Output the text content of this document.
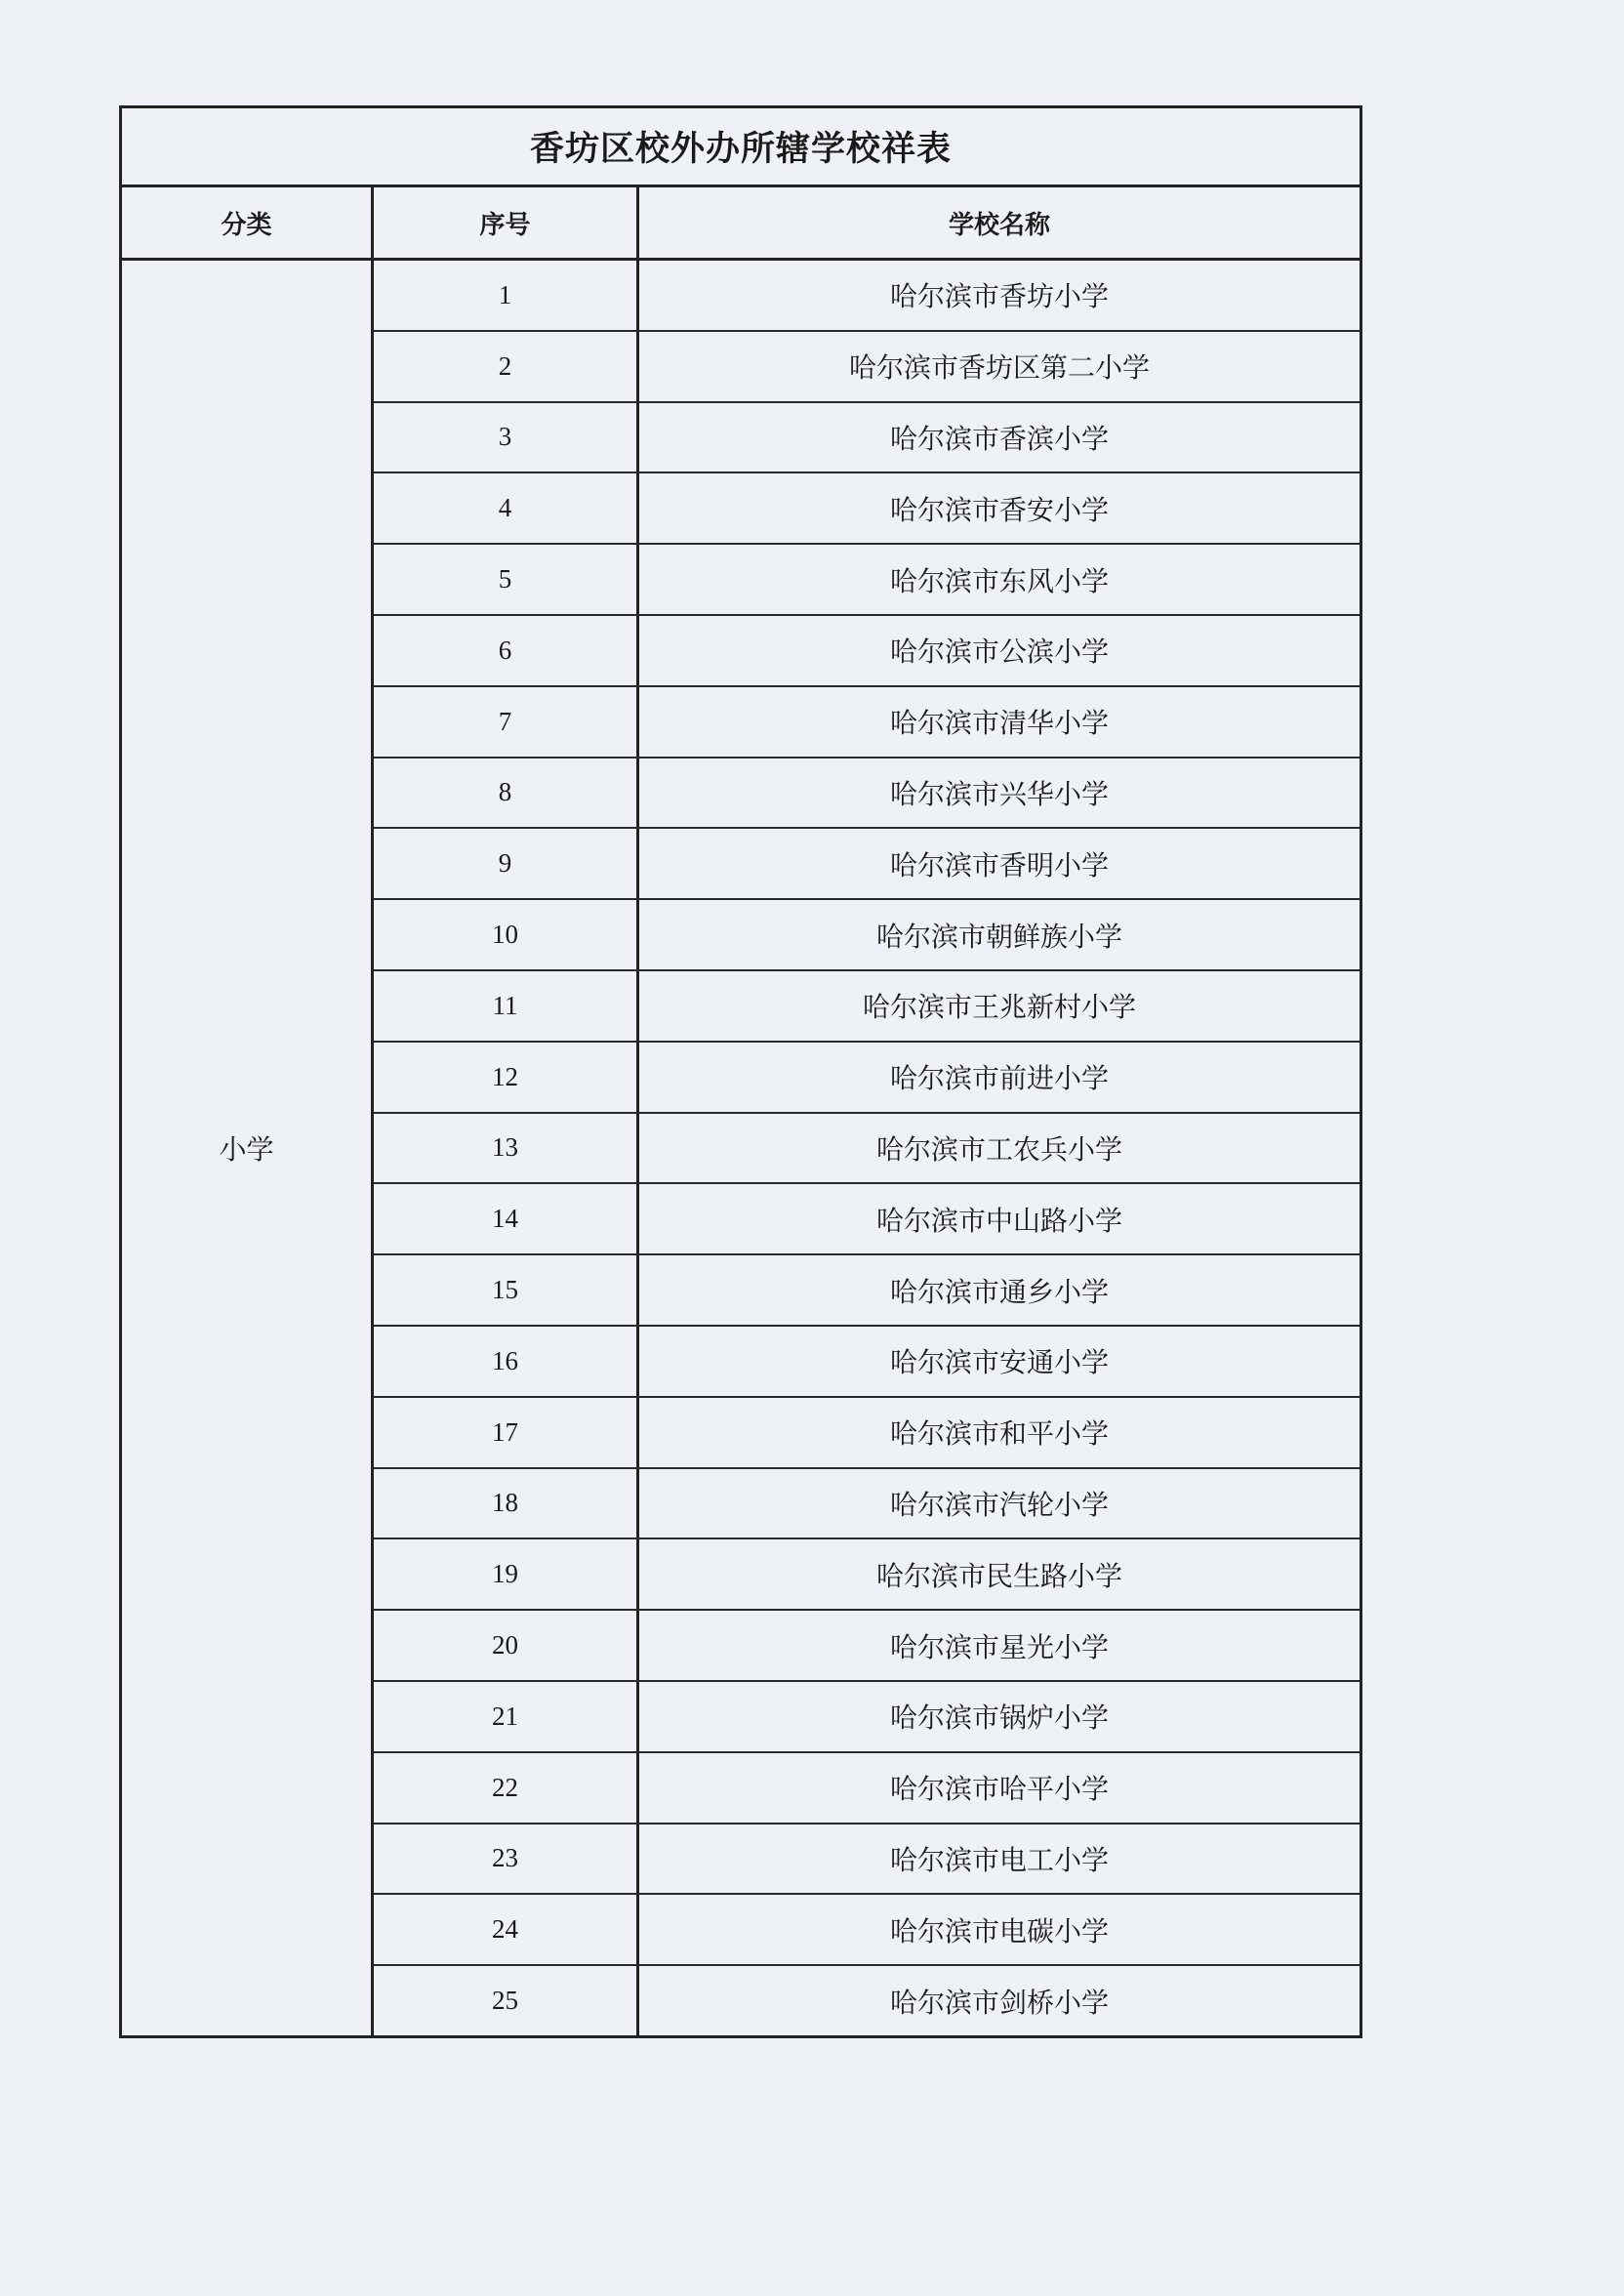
香坊区校外办所辖学校祥表
分类	序号	学校名称
小学
1	哈尔滨市香坊小学
2	哈尔滨市香坊区第二小学
3	哈尔滨市香滨小学
4	哈尔滨市香安小学
5	哈尔滨市东风小学
6	哈尔滨市公滨小学
7	哈尔滨市清华小学
8	哈尔滨市兴华小学
9	哈尔滨市香明小学
10	哈尔滨市朝鲜族小学
11	哈尔滨市王兆新村小学
12	哈尔滨市前进小学
13	哈尔滨市工农兵小学
14	哈尔滨市中山路小学
15	哈尔滨市通乡小学
16	哈尔滨市安通小学
17	哈尔滨市和平小学
18	哈尔滨市汽轮小学
19	哈尔滨市民生路小学
20	哈尔滨市星光小学
21	哈尔滨市锅炉小学
22	哈尔滨市哈平小学
23	哈尔滨市电工小学
24	哈尔滨市电碳小学
25	哈尔滨市剑桥小学
